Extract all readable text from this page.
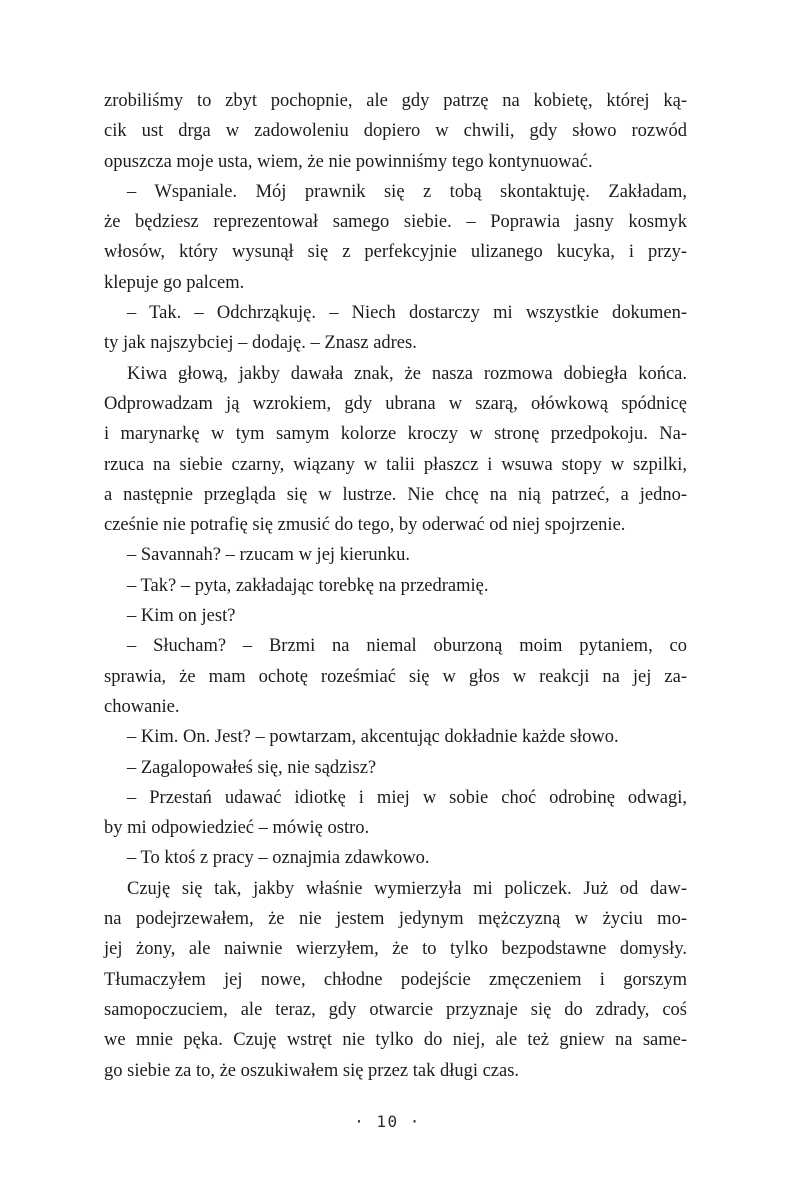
zrobiliśmy to zbyt pochopnie, ale gdy patrzę na kobietę, której ką-
cik ust drga w zadowoleniu dopiero w chwili, gdy słowo rozwód
opuszcza moje usta, wiem, że nie powinniśmy tego kontynuować.
– Wspaniale. Mój prawnik się z tobą skontaktuję. Zakładam,
że będziesz reprezentował samego siebie. – Poprawia jasny kosmyk
włosów, który wysunął się z perfekcyjnie ulizanego kucyka, i przy-
klepuje go palcem.
– Tak. – Odchrząkuję. – Niech dostarczy mi wszystkie dokumen-
ty jak najszybciej – dodaję. – Znasz adres.
Kiwa głową, jakby dawała znak, że nasza rozmowa dobiegła końca.
Odprowadzam ją wzrokiem, gdy ubrana w szarą, ołówkową spódnicę
i marynarkę w tym samym kolorze kroczy w stronę przedpokoju. Na-
rzuca na siebie czarny, wiązany w talii płaszcz i wsuwa stopy w szpilki,
a następnie przegląda się w lustrze. Nie chcę na nią patrzeć, a jedno-
cześnie nie potrafię się zmusić do tego, by oderwać od niej spojrzenie.
– Savannah? – rzucam w jej kierunku.
– Tak? – pyta, zakładając torebkę na przedramię.
– Kim on jest?
– Słucham? – Brzmi na niemal oburzoną moim pytaniem, co
sprawia, że mam ochotę roześmiać się w głos w reakcji na jej za-
chowanie.
– Kim. On. Jest? – powtarzam, akcentując dokładnie każde słowo.
– Zagalopowałeś się, nie sądzisz?
– Przestań udawać idiotkę i miej w sobie choć odrobinę odwagi,
by mi odpowiedzieć – mówię ostro.
– To ktoś z pracy – oznajmia zdawkowo.
Czuję się tak, jakby właśnie wymierzyła mi policzek. Już od daw-
na podejrzewałem, że nie jestem jedynym mężczyzną w życiu mo-
jej żony, ale naiwnie wierzyłem, że to tylko bezpodstawne domysły.
Tłumaczyłem jej nowe, chłodne podejście zmęczeniem i gorszym
samopoczuciem, ale teraz, gdy otwarcie przyznaje się do zdrady, coś
we mnie pęka. Czuję wstręt nie tylko do niej, ale też gniew na same-
go siebie za to, że oszukiwałem się przez tak długi czas.
· 10 ·
